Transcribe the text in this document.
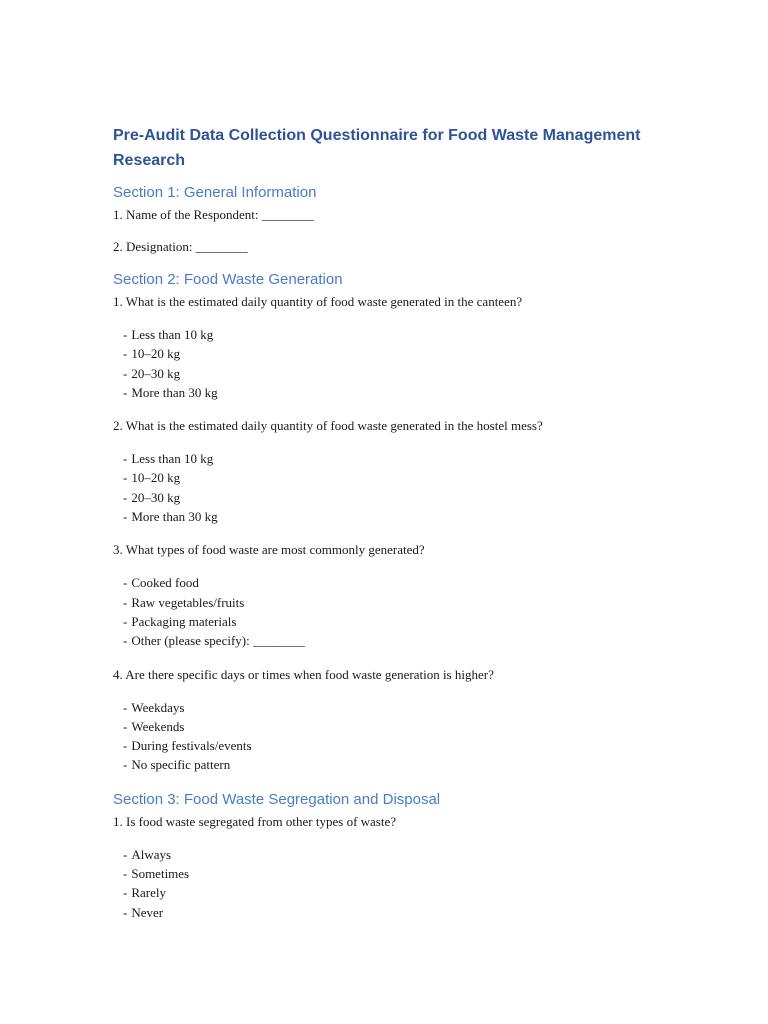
Pre-Audit Data Collection Questionnaire for Food Waste Management Research
Section 1: General Information

1. Name of the Respondent: ________

2. Designation: ________

Section 2: Food Waste Generation

1. What is the estimated daily quantity of food waste generated in the canteen?

- Less than 10 kg
- 10–20 kg
- 20–30 kg
- More than 30 kg

2. What is the estimated daily quantity of food waste generated in the hostel mess?

- Less than 10 kg
- 10–20 kg
- 20–30 kg
- More than 30 kg

3. What types of food waste are most commonly generated?

- Cooked food
- Raw vegetables/fruits
- Packaging materials
- Other (please specify): ________

4. Are there specific days or times when food waste generation is higher?

- Weekdays
- Weekends
- During festivals/events
- No specific pattern
Section 3: Food Waste Segregation and Disposal

1. Is food waste segregated from other types of waste?

- Always
- Sometimes
- Rarely
- Never
